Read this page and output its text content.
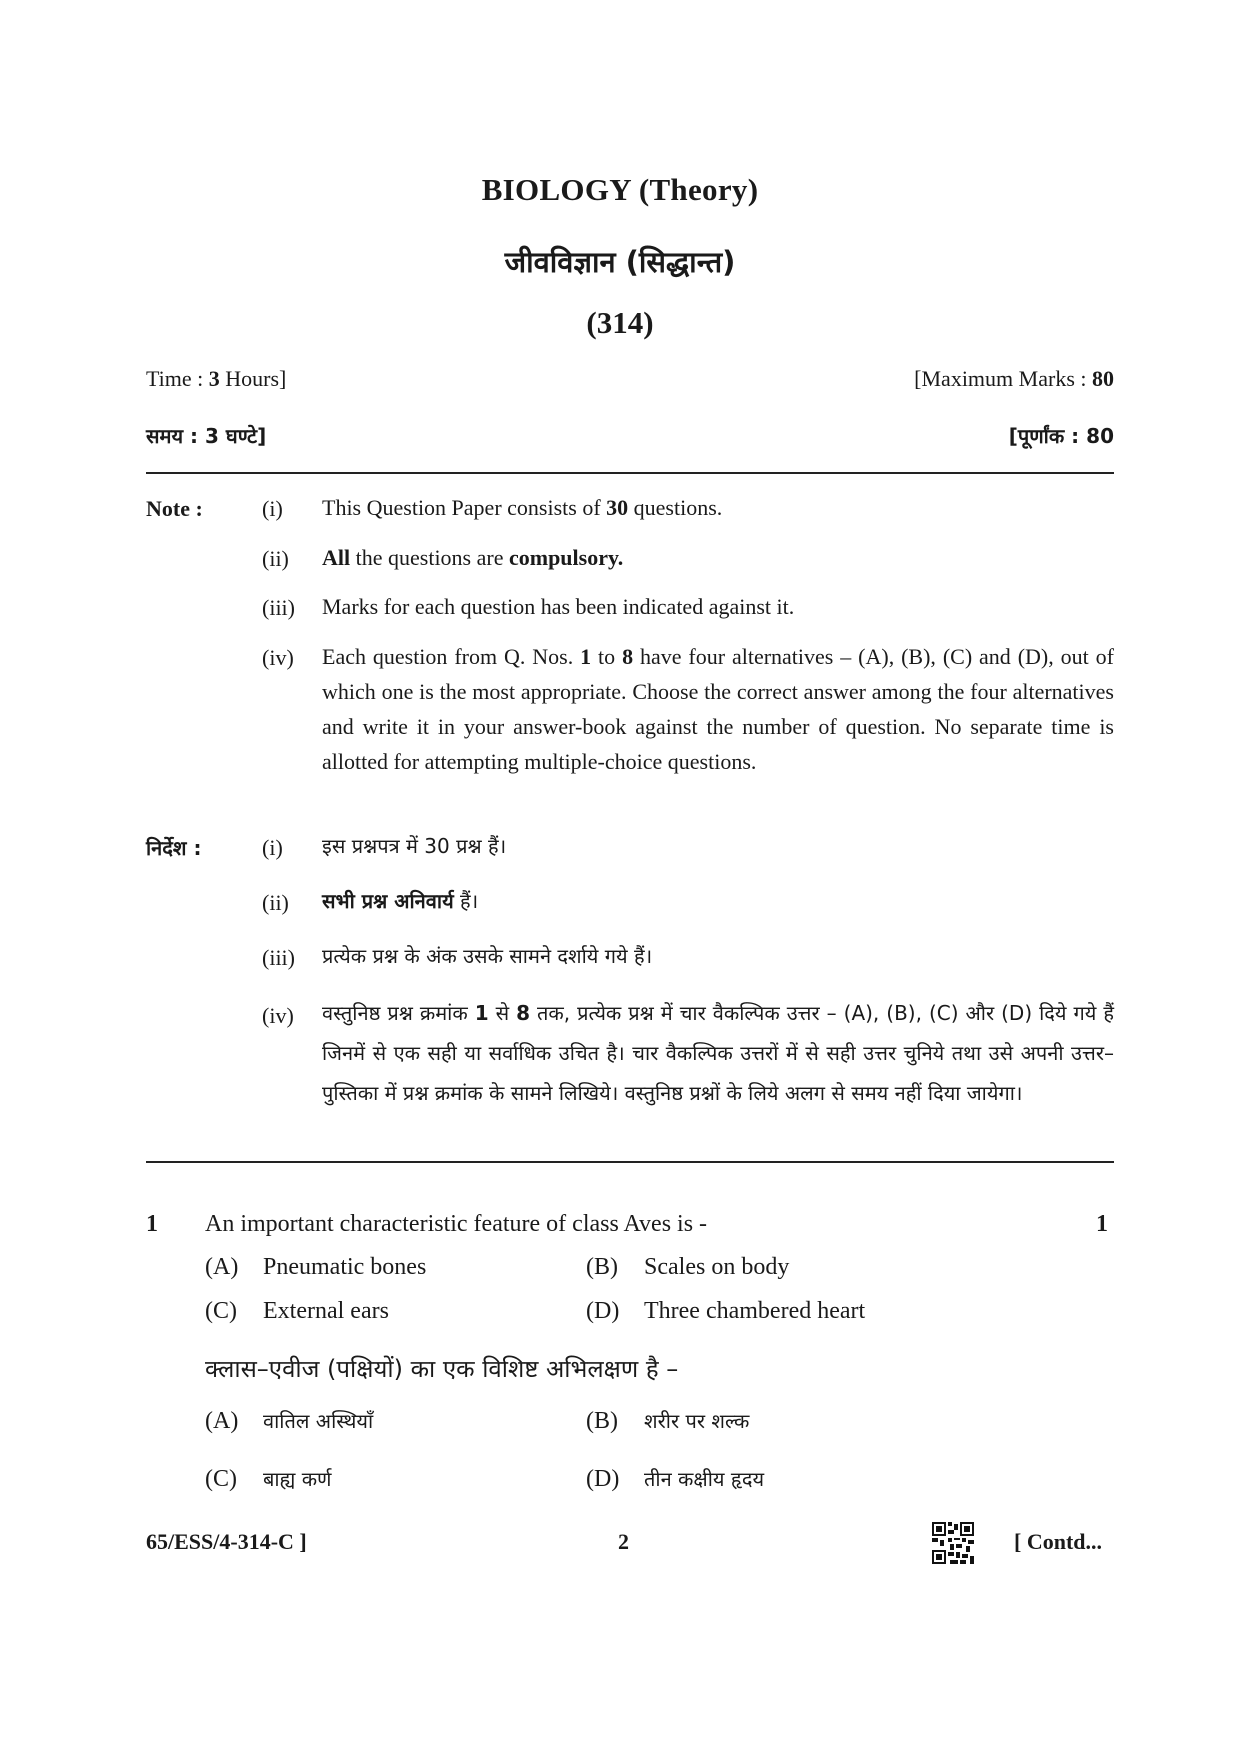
BIOLOGY (Theory)
जीवविज्ञान (सिद्धान्त)
(314)
Time : 3 Hours]	[Maximum Marks : 80
समय : 3 घण्टे]	[पूर्णांक : 80
Note :	(i) This Question Paper consists of 30 questions.
(ii) All the questions are compulsory.
(iii) Marks for each question has been indicated against it.
(iv) Each question from Q. Nos. 1 to 8 have four alternatives – (A), (B), (C) and (D), out of which one is the most appropriate. Choose the correct answer among the four alternatives and write it in your answer-book against the number of question. No separate time is allotted for attempting multiple-choice questions.
निर्देश :	(i) इस प्रश्नपत्र में 30 प्रश्न हैं।
(ii) सभी प्रश्न अनिवार्य हैं।
(iii) प्रत्येक प्रश्न के अंक उसके सामने दर्शाये गये हैं।
(iv) वस्तुनिष्ठ प्रश्न क्रमांक 1 से 8 तक, प्रत्येक प्रश्न में चार वैकल्पिक उत्तर – (A), (B), (C) और (D) दिये गये हैं जिनमें से एक सही या सर्वाधिक उचित है। चार वैकल्पिक उत्तरों में से सही उत्तर चुनिये तथा उसे अपनी उत्तर–पुस्तिका में प्रश्न क्रमांक के सामने लिखिये। वस्तुनिष्ठ प्रश्नों के लिये अलग से समय नहीं दिया जायेगा।
1 An important characteristic feature of class Aves is -	1
(A) Pneumatic bones	(B) Scales on body
(C) External ears	(D) Three chambered heart
क्लास–एवीज (पक्षियों) का एक विशिष्ट अभिलक्षण है –
(A) वातिल अस्थियाँ	(B) शरीर पर शल्क
(C) बाह्य कर्ण	(D) तीन कक्षीय हृदय
65/ESS/4-314-C ]	2	[ Contd...
